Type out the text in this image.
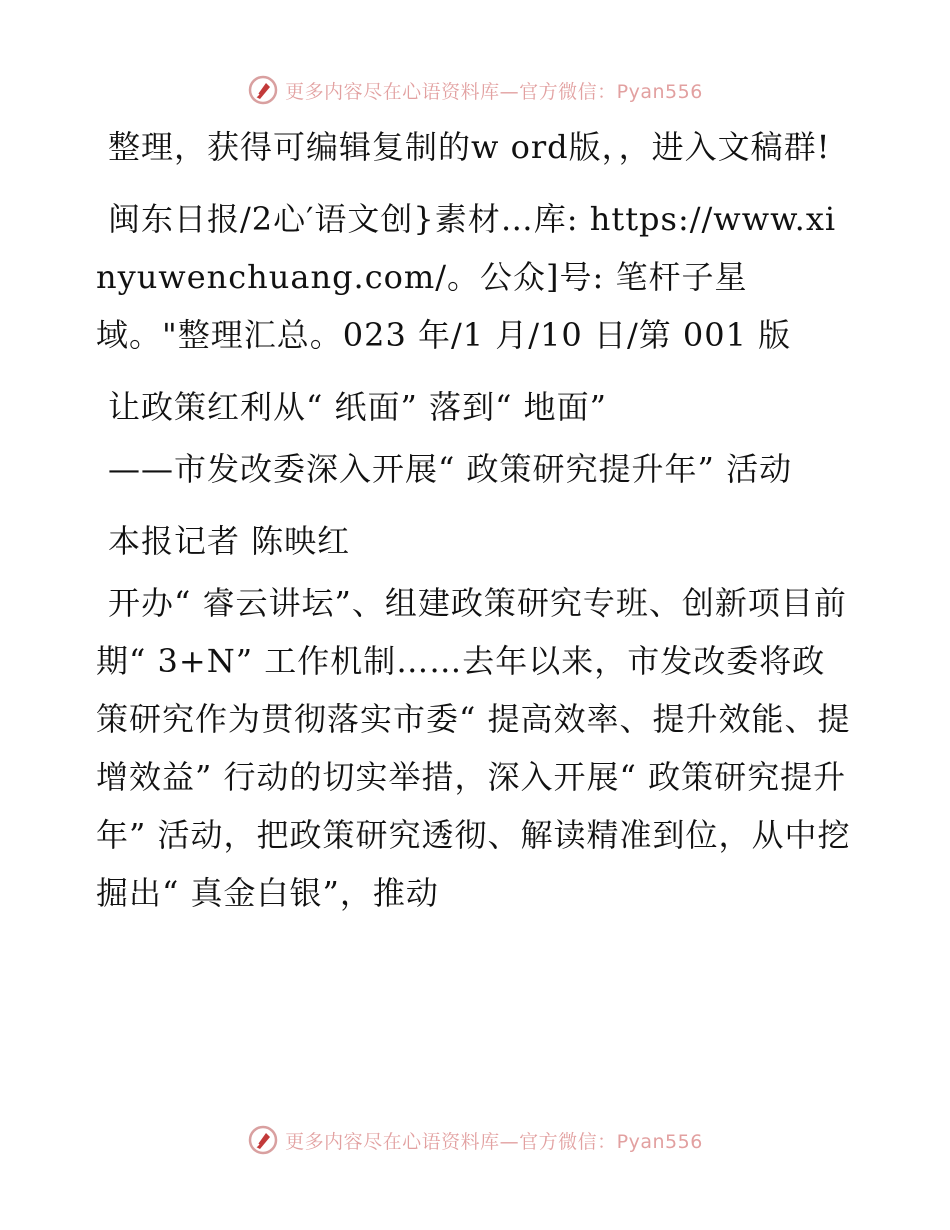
更多内容尽在心语资料库—官方微信：Pyan556

整理，获得可编辑复制的w ord版，，进入文稿群!

闽东日报/2心′语文创}素材…库: https://www.xinyuwenchuang.com/。公众]号: 笔杆子星域。"整理汇总。023 年/1 月/10 日/第 001 版

让政策红利从“ 纸面” 落到“ 地面”

——市发改委深入开展“ 政策研究提升年” 活动

本报记者 陈映红

开办“ 睿云讲坛”、组建政策研究专班、创新项目前期“ 3+N” 工作机制……去年以来，市发改委将政策研究作为贯彻落实市委“ 提高效率、提升效能、提增效益” 行动的切实举措，深入开展“ 政策研究提升年” 活动，把政策研究透彻、解读精准到位，从中挖掘出“ 真金白银”，推动

更多内容尽在心语资料库—官方微信：Pyan556
